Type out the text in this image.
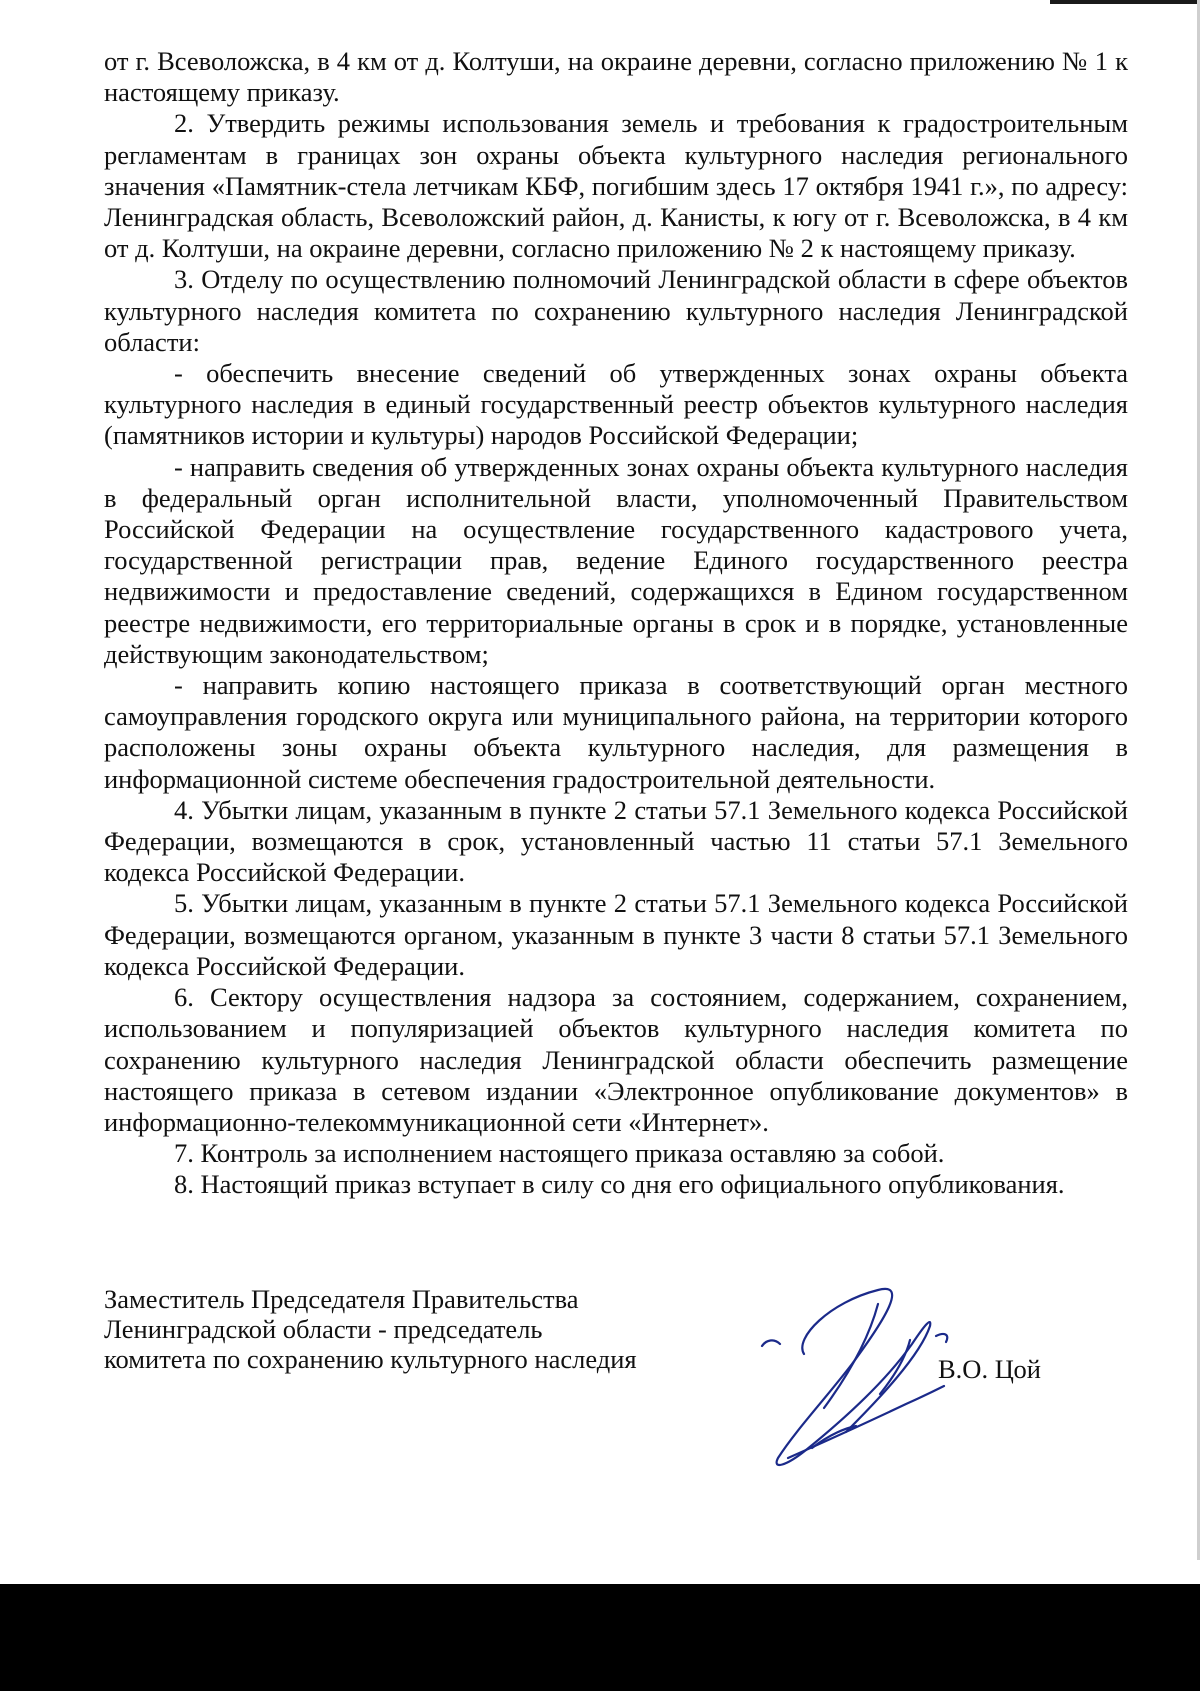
от г. Всеволожска, в 4 км от д. Колтуши, на окраине деревни, согласно приложению № 1 к настоящему приказу.

2. Утвердить режимы использования земель и требования к градостроительным регламентам в границах зон охраны объекта культурного наследия регионального значения «Памятник-стела летчикам КБФ, погибшим здесь 17 октября 1941 г.», по адресу: Ленинградская область, Всеволожский район, д. Канисты, к югу от г. Всеволожска, в 4 км от д. Колтуши, на окраине деревни, согласно приложению № 2 к настоящему приказу.

3. Отделу по осуществлению полномочий Ленинградской области в сфере объектов культурного наследия комитета по сохранению культурного наследия Ленинградской области:

- обеспечить внесение сведений об утвержденных зонах охраны объекта культурного наследия в единый государственный реестр объектов культурного наследия (памятников истории и культуры) народов Российской Федерации;

- направить сведения об утвержденных зонах охраны объекта культурного наследия в федеральный орган исполнительной власти, уполномоченный Правительством Российской Федерации на осуществление государственного кадастрового учета, государственной регистрации прав, ведение Единого государственного реестра недвижимости и предоставление сведений, содержащихся в Едином государственном реестре недвижимости, его территориальные органы в срок и в порядке, установленные действующим законодательством;

- направить копию настоящего приказа в соответствующий орган местного самоуправления городского округа или муниципального района, на территории которого расположены зоны охраны объекта культурного наследия, для размещения в информационной системе обеспечения градостроительной деятельности.

4. Убытки лицам, указанным в пункте 2 статьи 57.1 Земельного кодекса Российской Федерации, возмещаются в срок, установленный частью 11 статьи 57.1 Земельного кодекса Российской Федерации.

5. Убытки лицам, указанным в пункте 2 статьи 57.1 Земельного кодекса Российской Федерации, возмещаются органом, указанным в пункте 3 части 8 статьи 57.1 Земельного кодекса Российской Федерации.

6. Сектору осуществления надзора за состоянием, содержанием, сохранением, использованием и популяризацией объектов культурного наследия комитета по сохранению культурного наследия Ленинградской области обеспечить размещение настоящего приказа в сетевом издании «Электронное опубликование документов» в информационно-телекоммуникационной сети «Интернет».

7. Контроль за исполнением настоящего приказа оставляю за собой.

8. Настоящий приказ вступает в силу со дня его официального опубликования.

Заместитель Председателя Правительства
Ленинградской области - председатель
комитета по сохранению культурного наследия	В.О. Цой
